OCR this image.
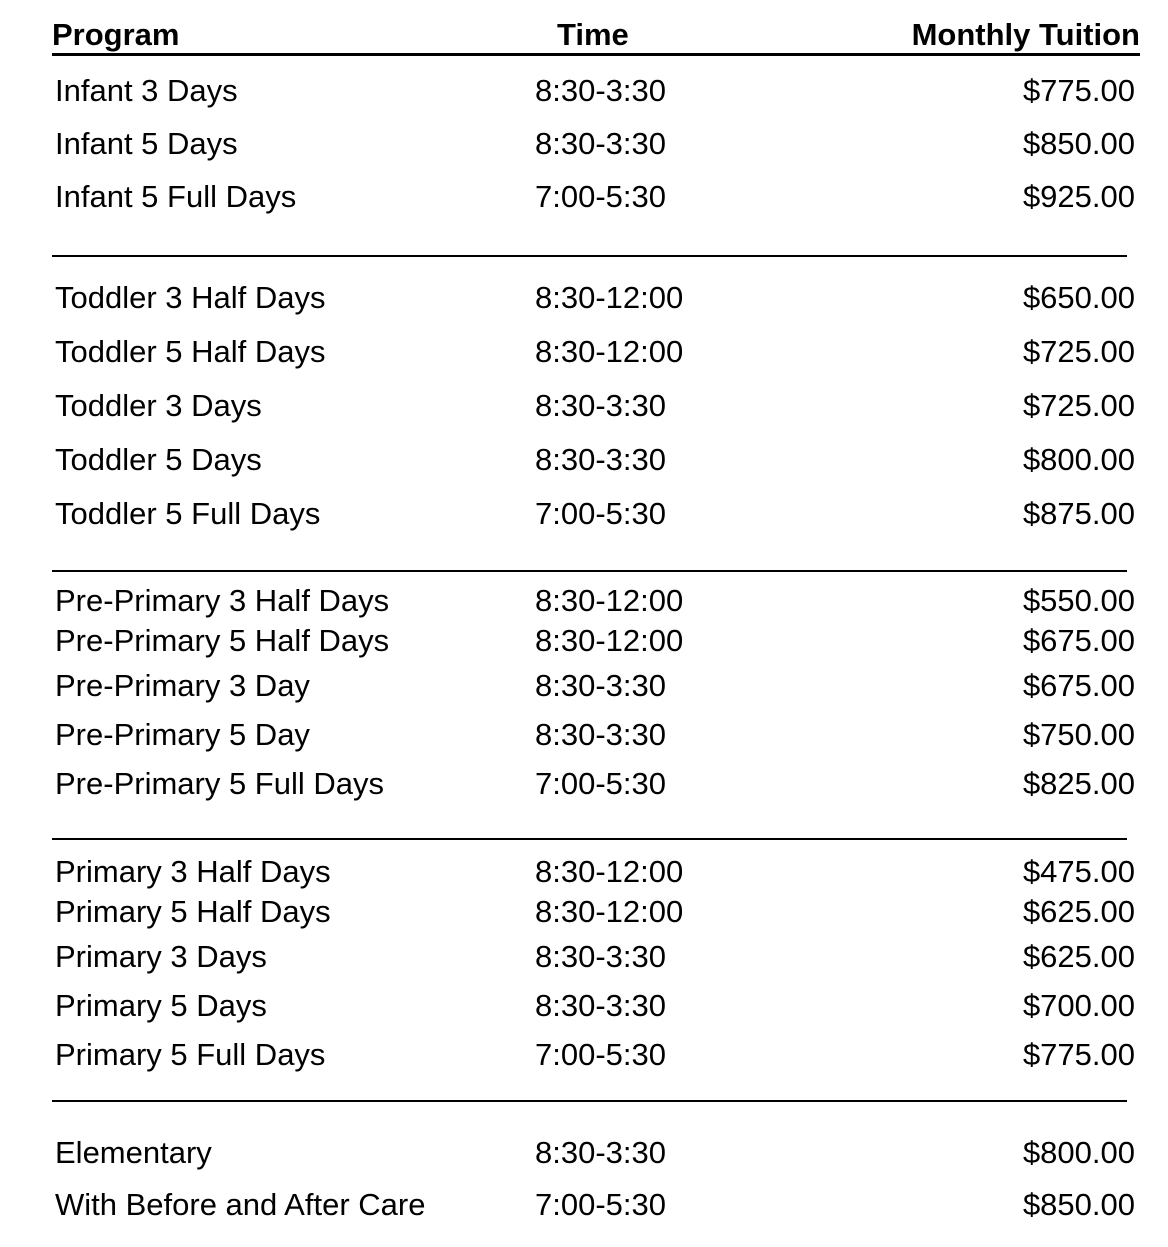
Program	Time	Monthly Tuition
Infant 3 Days	8:30-3:30	$775.00
Infant 5 Days	8:30-3:30	$850.00
Infant 5 Full Days	7:00-5:30	$925.00
Toddler 3 Half Days	8:30-12:00	$650.00
Toddler 5 Half Days	8:30-12:00	$725.00
Toddler 3 Days	8:30-3:30	$725.00
Toddler 5 Days	8:30-3:30	$800.00
Toddler 5 Full Days	7:00-5:30	$875.00
Pre-Primary 3 Half Days	8:30-12:00	$550.00
Pre-Primary 5 Half Days	8:30-12:00	$675.00
Pre-Primary 3 Day	8:30-3:30	$675.00
Pre-Primary 5 Day	8:30-3:30	$750.00
Pre-Primary 5 Full Days	7:00-5:30	$825.00
Primary 3 Half Days	8:30-12:00	$475.00
Primary 5 Half Days	8:30-12:00	$625.00
Primary 3 Days	8:30-3:30	$625.00
Primary 5 Days	8:30-3:30	$700.00
Primary 5 Full Days	7:00-5:30	$775.00
Elementary	8:30-3:30	$800.00
With Before and After Care	7:00-5:30	$850.00
